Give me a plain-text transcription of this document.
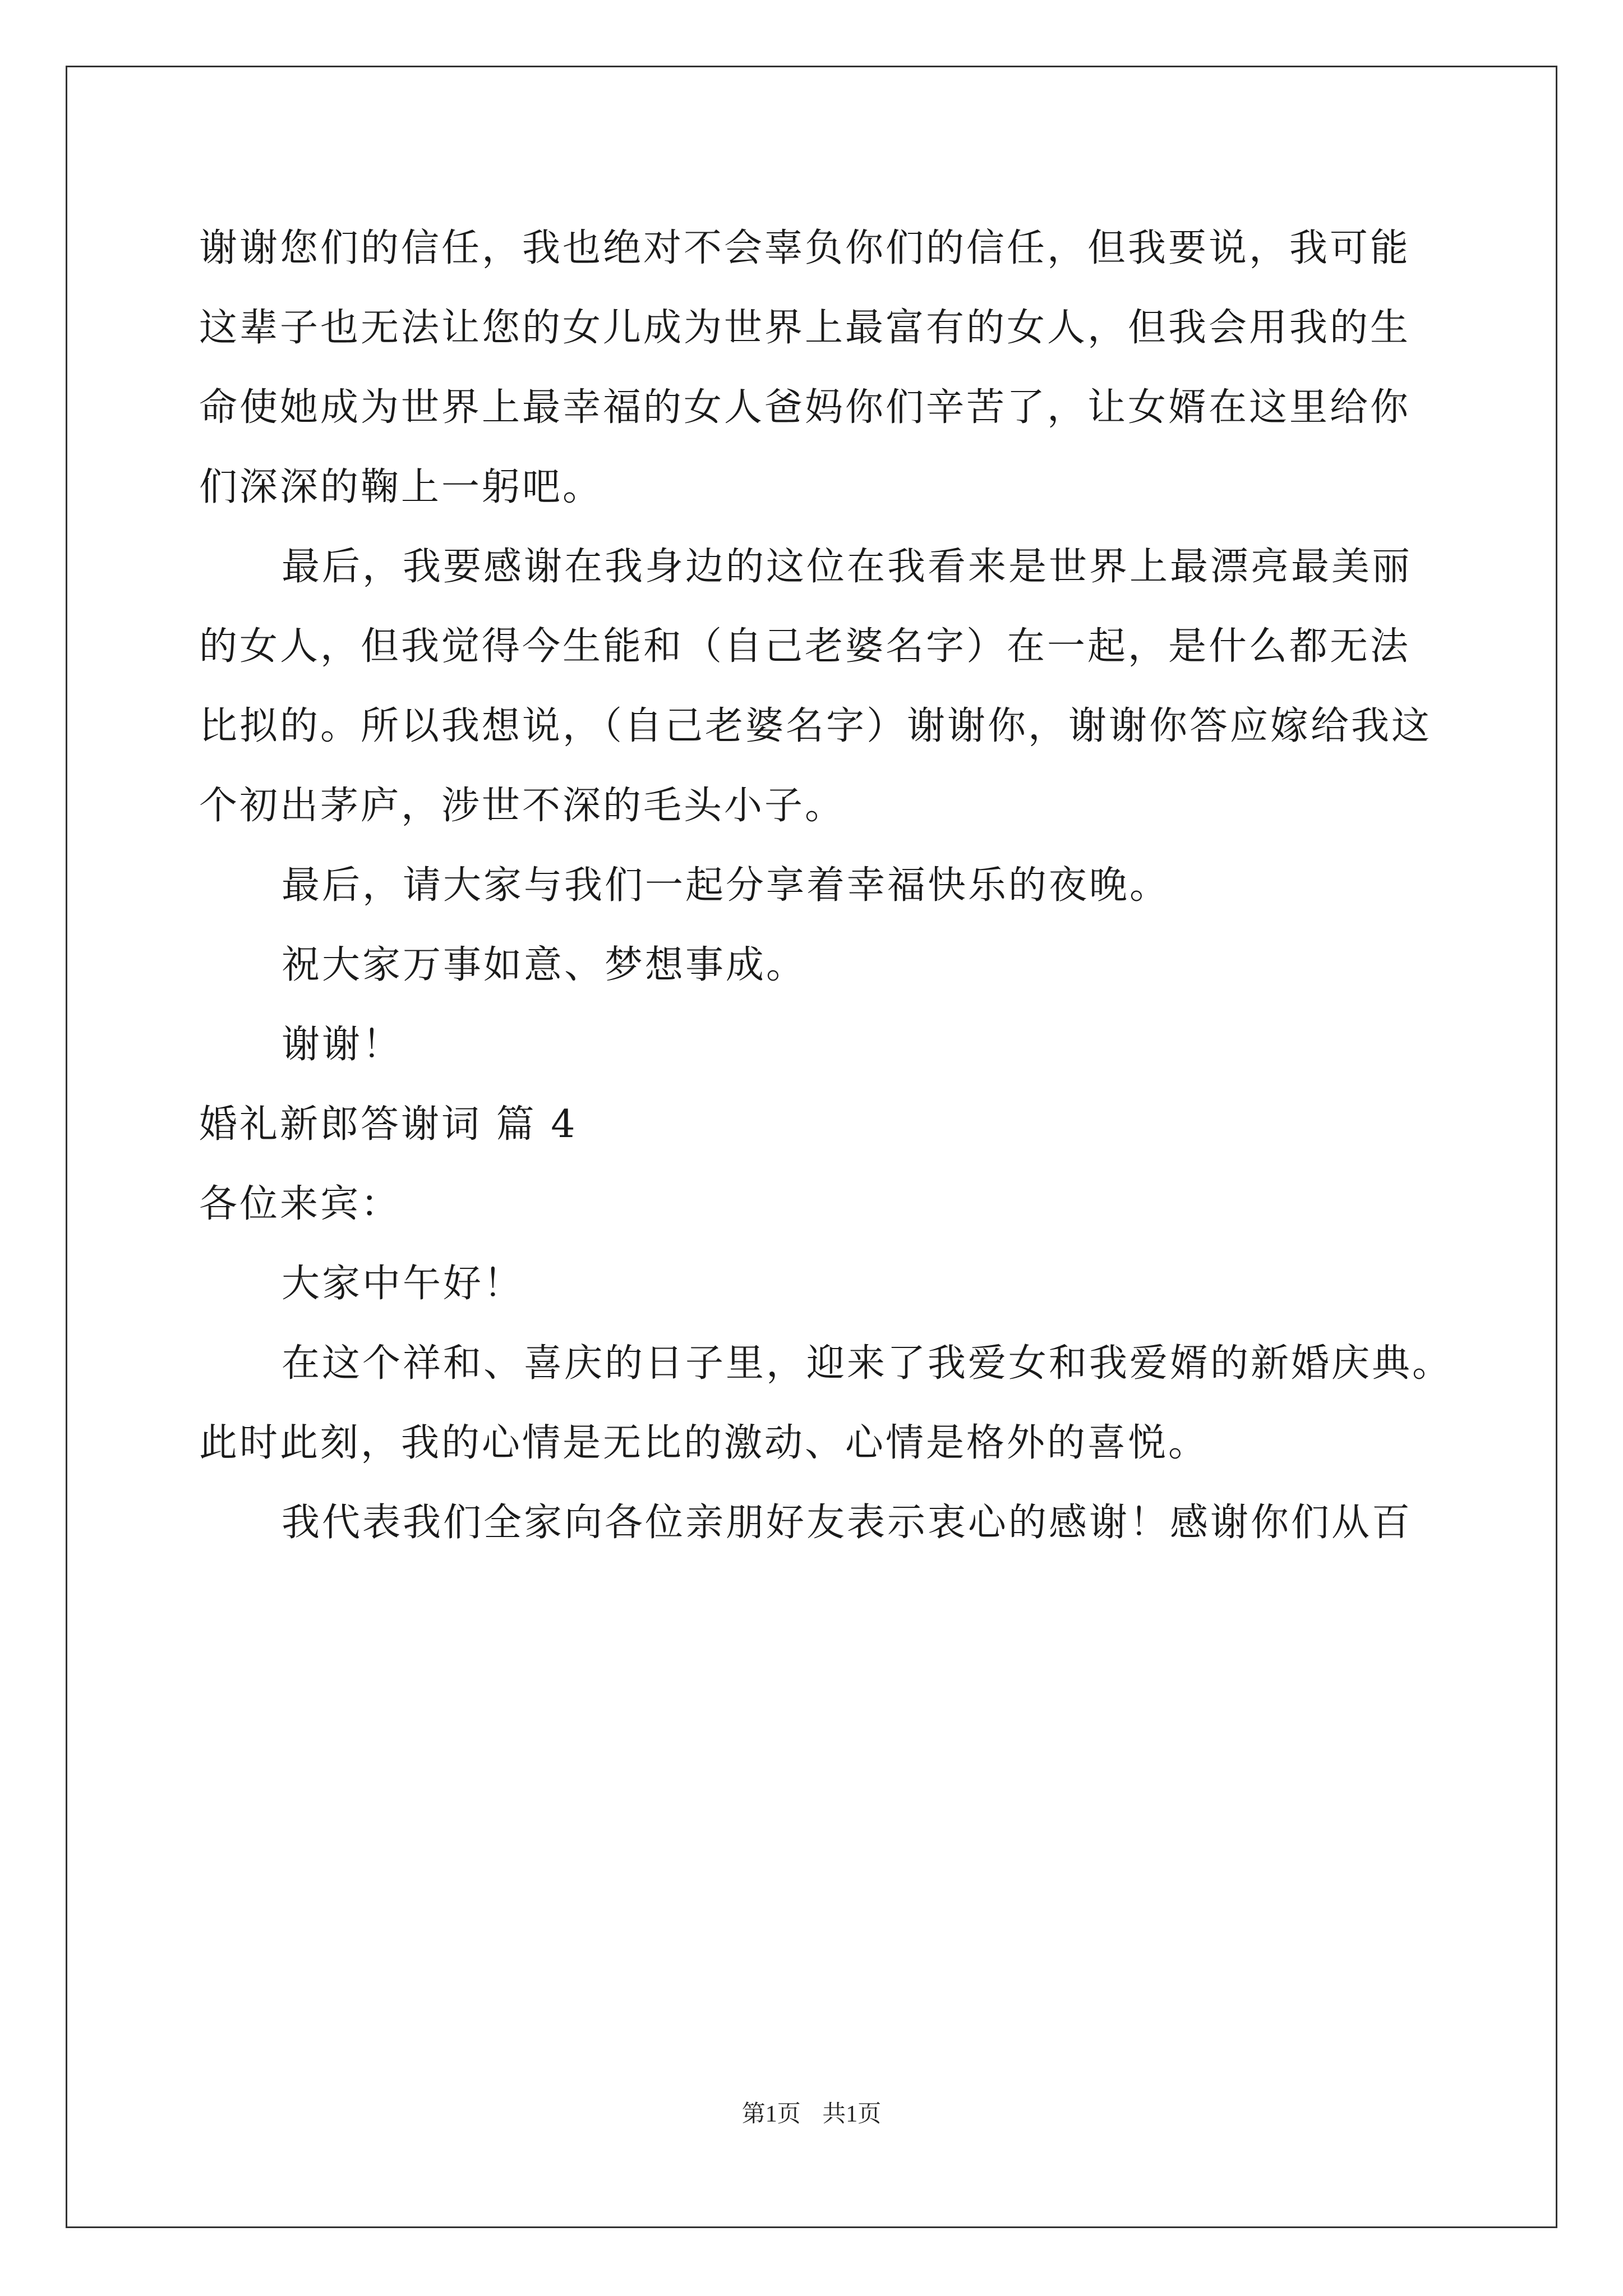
谢谢您们的信任，我也绝对不会辜负你们的信任，但我要说，我可能
这辈子也无法让您的女儿成为世界上最富有的女人，但我会用我的生
命使她成为世界上最幸福的女人爸妈你们辛苦了，让女婿在这里给你
们深深的鞠上一躬吧。
最后，我要感谢在我身边的这位在我看来是世界上最漂亮最美丽
的女人，但我觉得今生能和（自己老婆名字）在一起，是什么都无法
比拟的。所以我想说，（自己老婆名字）谢谢你，谢谢你答应嫁给我这
个初出茅庐，涉世不深的毛头小子。
最后，请大家与我们一起分享着幸福快乐的夜晚。
祝大家万事如意、梦想事成。
谢谢！
婚礼新郎答谢词 篇 4
各位来宾：
大家中午好！
在这个祥和、喜庆的日子里，迎来了我爱女和我爱婿的新婚庆典。
此时此刻，我的心情是无比的激动、心情是格外的喜悦。
我代表我们全家向各位亲朋好友表示衷心的感谢！感谢你们从百
第1页 共1页
